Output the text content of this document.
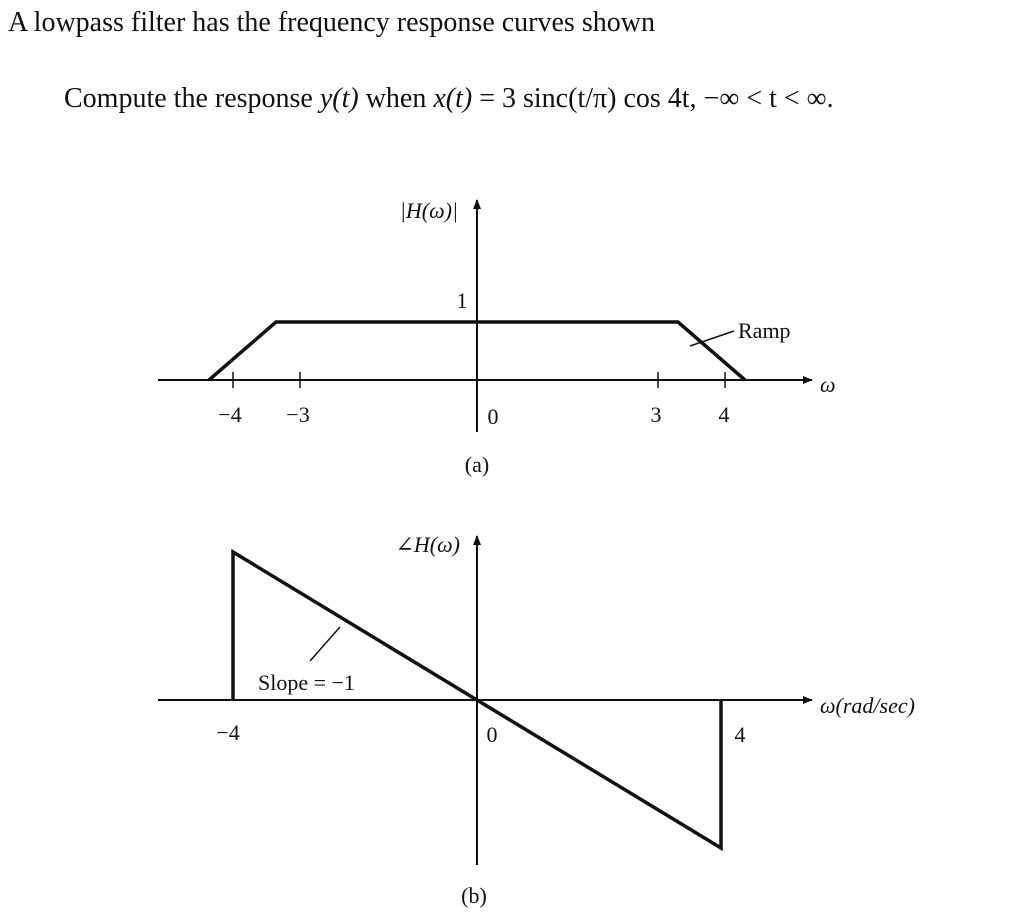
A lowpass filter has the frequency response curves shown
Compute the response y(t) when x(t) = 3 sinc(t/π) cos 4t, −∞ < t < ∞.
|H(ω)|
1
Ramp
ω
−4 −3	0	3	4
(a)
∠H(ω)
Slope = −1
ω(rad/sec)
−4	0	4
(b)
